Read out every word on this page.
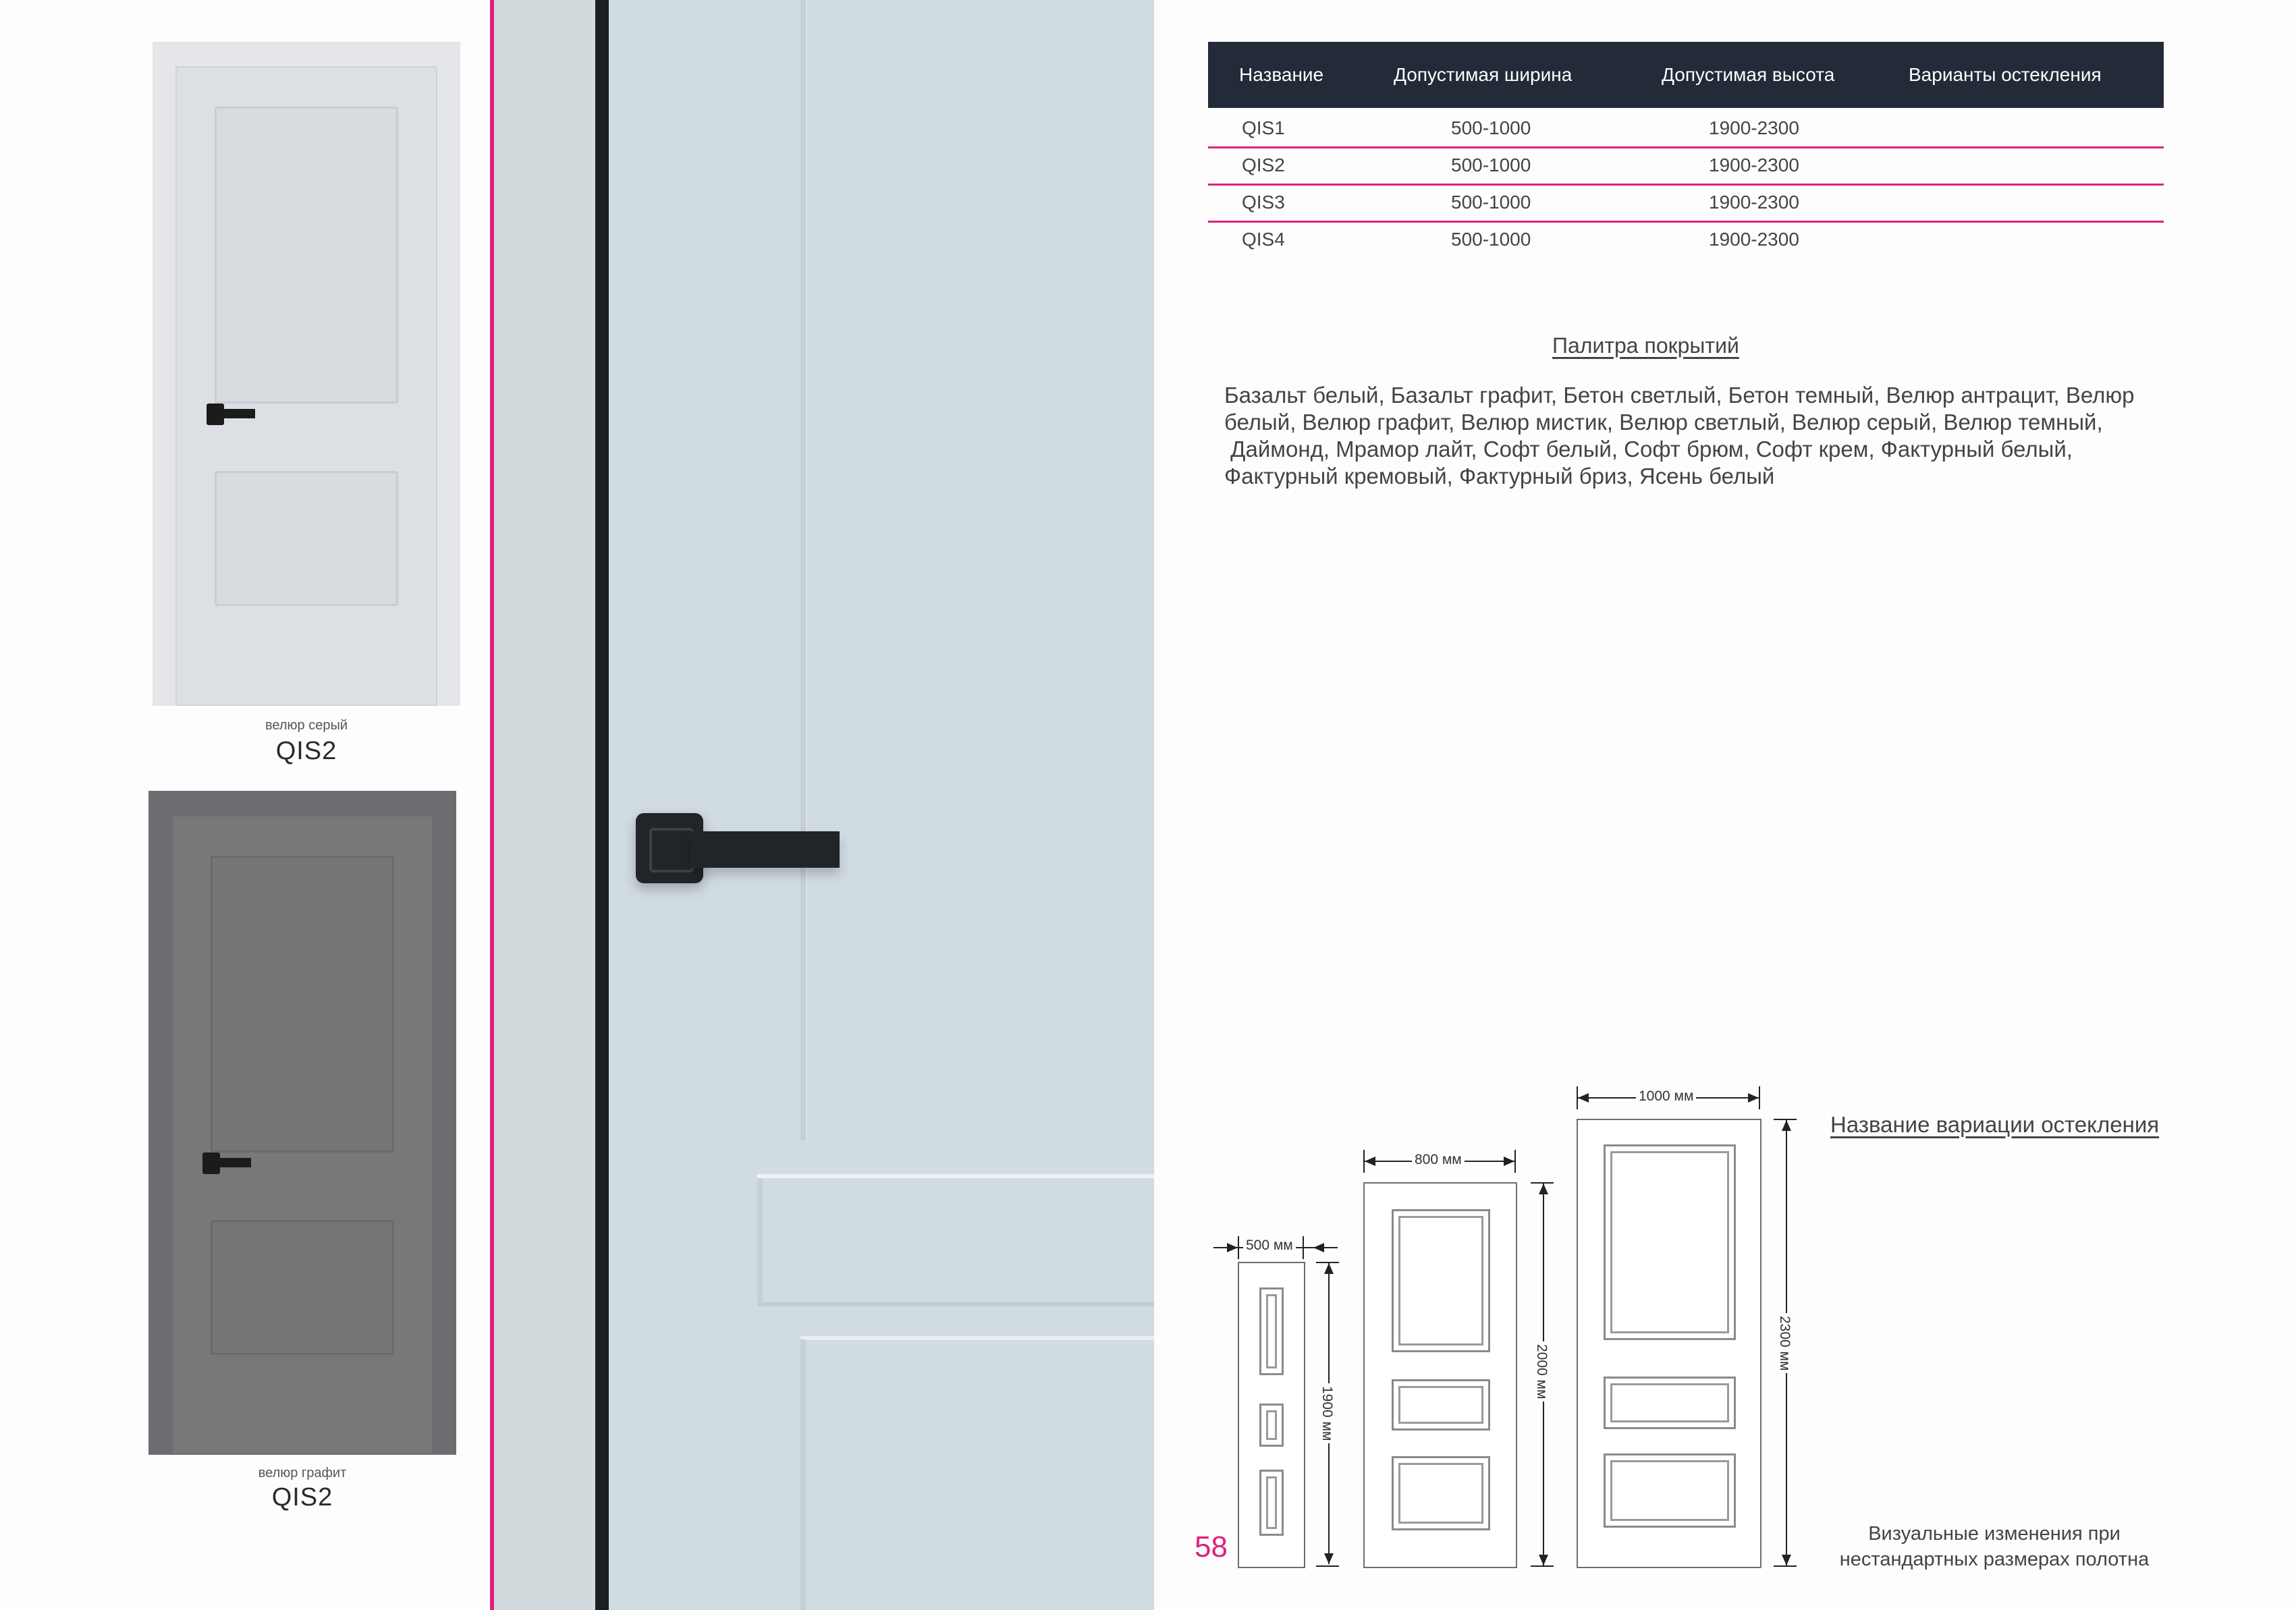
велюр серый
QIS2
велюр графит
QIS2
Название	Допустимая ширина	Допустимая высота	Варианты остекления
QIS1	500-1000	1900-2300
QIS2	500-1000	1900-2300
QIS3	500-1000	1900-2300
QIS4	500-1000	1900-2300
Палитра покрытий
Базальт белый, Базальт графит, Бетон светлый, Бетон темный, Велюр антрацит, Велюр
белый, Велюр графит, Велюр мистик, Велюр светлый, Велюр серый, Велюр темный,
Даймонд, Мрамор лайт, Софт белый, Софт брюм, Софт крем, Фактурный белый,
Фактурный кремовый, Фактурный бриз, Ясень белый
500 мм
1900 мм
800 мм
2000 мм
1000 мм
2300 мм
Название вариации остекления
Визуальные изменения при
нестандартных размерах полотна
58
